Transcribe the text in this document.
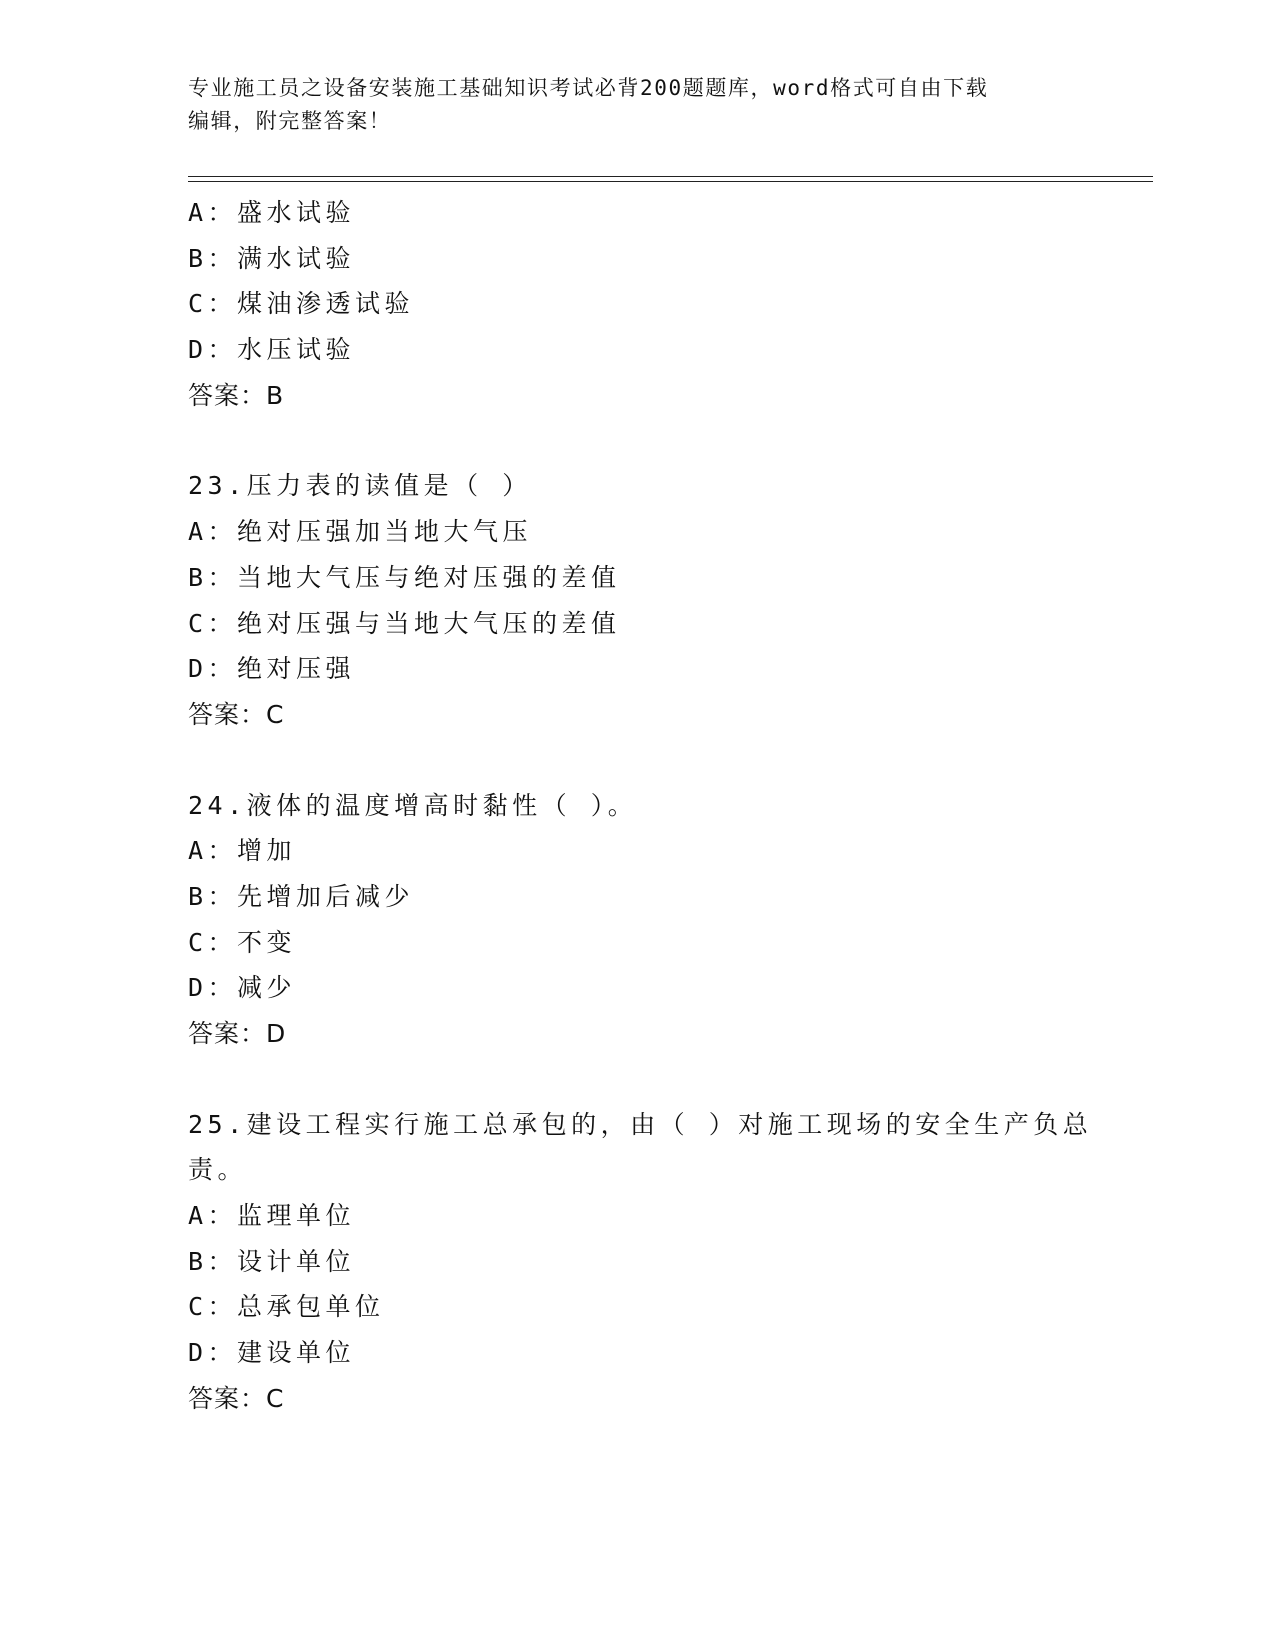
专业施工员之设备安装施工基础知识考试必背200题题库，word格式可自由下载
编辑，附完整答案！
A：盛水试验
B：满水试验
C：煤油渗透试验
D：水压试验
答案：B
23.压力表的读值是（ ）
A：绝对压强加当地大气压
B：当地大气压与绝对压强的差值
C：绝对压强与当地大气压的差值
D：绝对压强
答案：C
24.液体的温度增高时黏性（ ）。
A：增加
B：先增加后减少
C：不变
D：减少
答案：D
25.建设工程实行施工总承包的，由（ ）对施工现场的安全生产负总
责。
A：监理单位
B：设计单位
C：总承包单位
D：建设单位
答案：C
